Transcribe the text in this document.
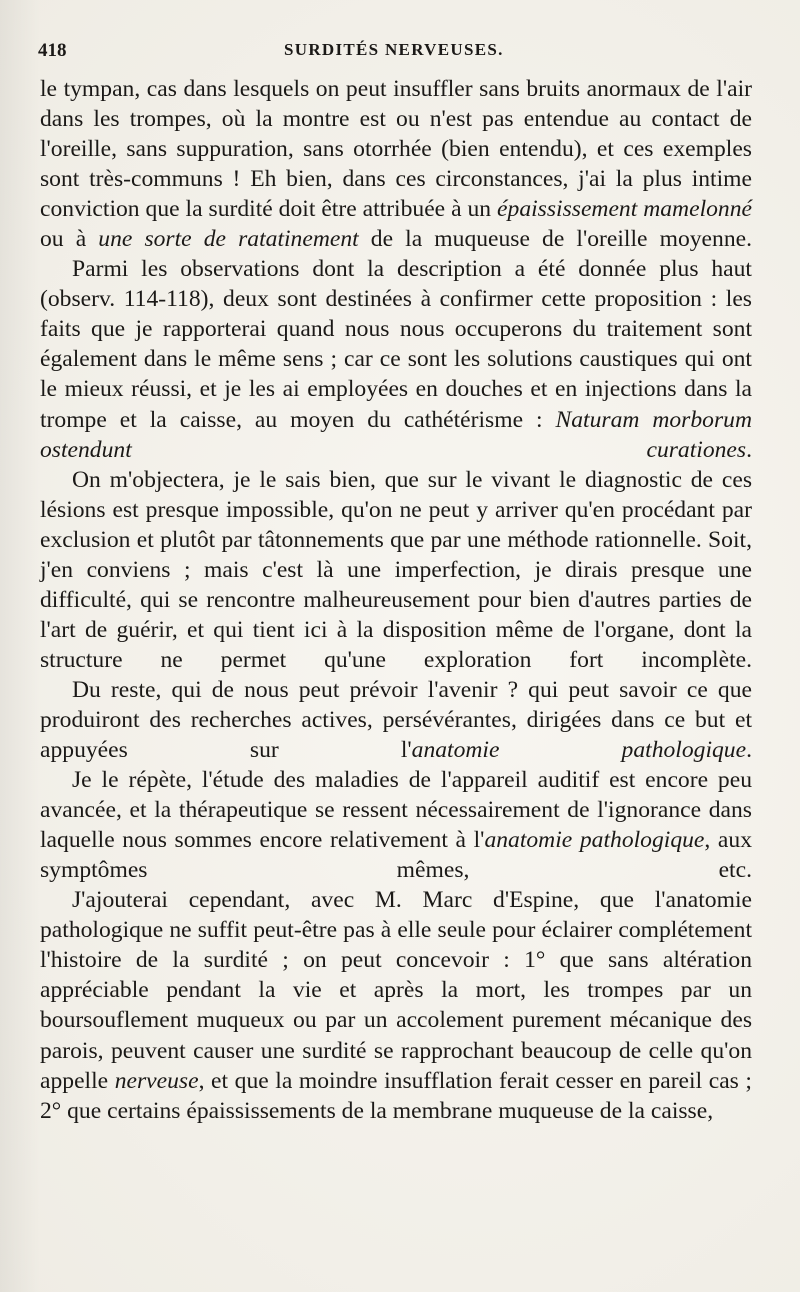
418	SURDITÉS NERVEUSES.

le tympan, cas dans lesquels on peut insuffler sans bruits anormaux de l'air dans les trompes, où la montre est ou n'est pas entendue au contact de l'oreille, sans suppuration, sans otorrhée (bien entendu), et ces exemples sont très-communs ! Eh bien, dans ces circonstances, j'ai la plus intime conviction que la surdité doit être attribuée à un épaississement mamelonné ou à une sorte de ratatinement de la muqueuse de l'oreille moyenne.

Parmi les observations dont la description a été donnée plus haut (observ. 114-118), deux sont destinées à confirmer cette proposition : les faits que je rapporterai quand nous nous occuperons du traitement sont également dans le même sens ; car ce sont les solutions caustiques qui ont le mieux réussi, et je les ai employées en douches et en injections dans la trompe et la caisse, au moyen du cathétérisme : Naturam morborum ostendunt curationes.

On m'objectera, je le sais bien, que sur le vivant le diagnostic de ces lésions est presque impossible, qu'on ne peut y arriver qu'en procédant par exclusion et plutôt par tâtonnements que par une méthode rationnelle. Soit, j'en conviens ; mais c'est là une imperfection, je dirais presque une difficulté, qui se rencontre malheureusement pour bien d'autres parties de l'art de guérir, et qui tient ici à la disposition même de l'organe, dont la structure ne permet qu'une exploration fort incomplète.

Du reste, qui de nous peut prévoir l'avenir ? qui peut savoir ce que produiront des recherches actives, persévérantes, dirigées dans ce but et appuyées sur l'anatomie pathologique.

Je le répète, l'étude des maladies de l'appareil auditif est encore peu avancée, et la thérapeutique se ressent nécessairement de l'ignorance dans laquelle nous sommes encore relativement à l'anatomie pathologique, aux symptômes mêmes, etc.

J'ajouterai cependant, avec M. Marc d'Espine, que l'anatomie pathologique ne suffit peut-être pas à elle seule pour éclairer complétement l'histoire de la surdité ; on peut concevoir : 1° que sans altération appréciable pendant la vie et après la mort, les trompes par un boursouflement muqueux ou par un accolement purement mécanique des parois, peuvent causer une surdité se rapprochant beaucoup de celle qu'on appelle nerveuse, et que la moindre insufflation ferait cesser en pareil cas ; 2° que certains épaississements de la membrane muqueuse de la caisse,
